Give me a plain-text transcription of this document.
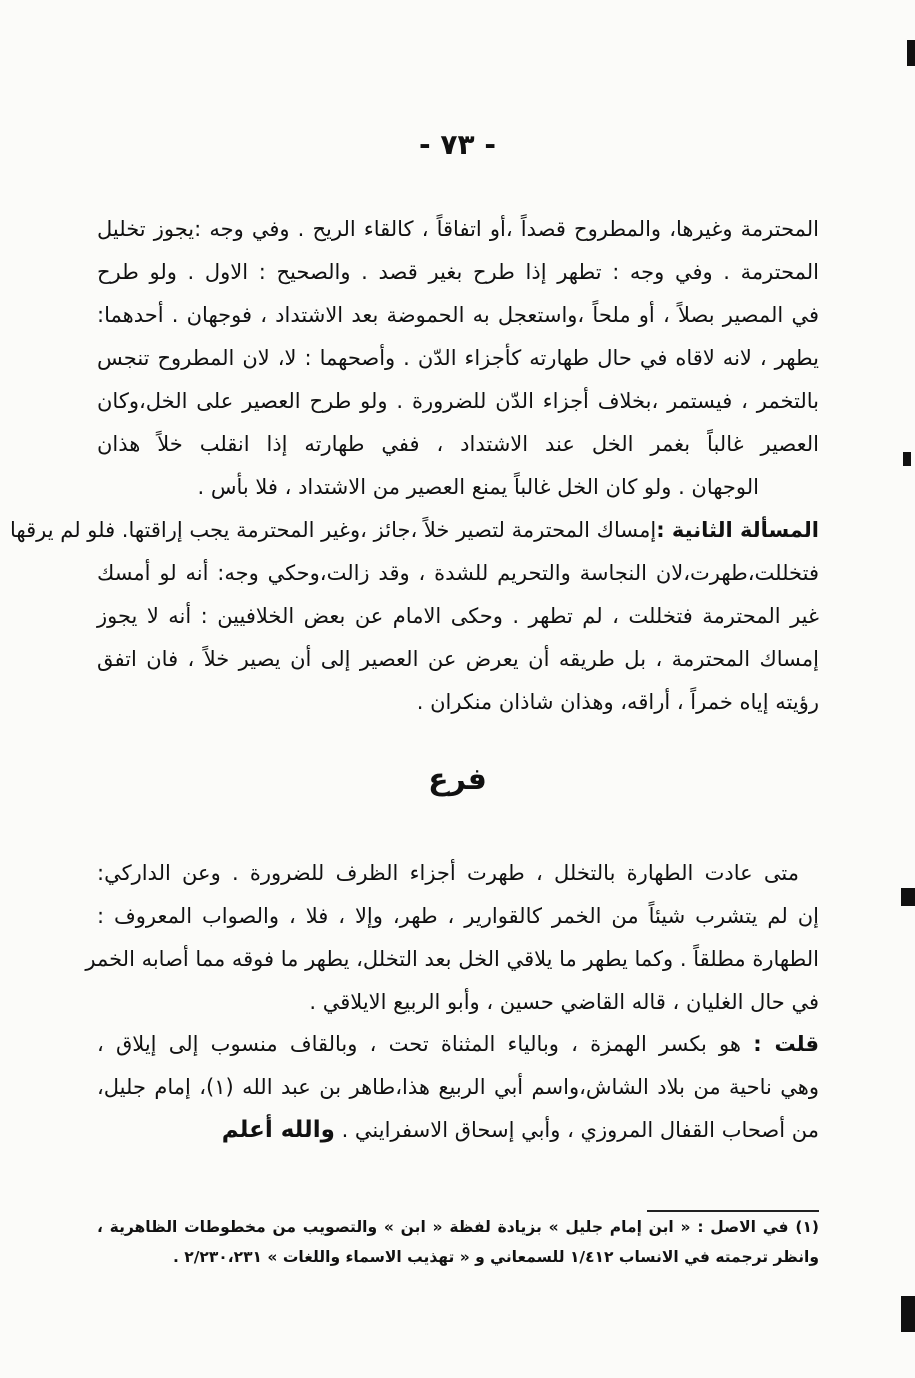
- ٧٣ -
المحترمة وغيرها، والمطروح قصداً ،أو اتفاقاً ، كالقاء الريح . وفي وجه :يجوز تخليل
المحترمة . وفي وجه : تطهر إذا طرح بغير قصد . والصحيح : الاول . ولو طرح
في المصير بصلاً ، أو ملحاً ،واستعجل به الحموضة بعد الاشتداد ، فوجهان . أحدهما:
يطهر ، لانه لاقاه في حال طهارته كأجزاء الدّن . وأصحهما : لا، لان المطروح تنجس
بالتخمر ، فيستمر ،بخلاف أجزاء الدّن للضرورة . ولو طرح العصير على الخل،وكان
العصير غالباً بغمر الخل عند الاشتداد ، ففي طهارته إذا انقلب خلاً هذان
الوجهان . ولو كان الخل غالباً يمنع العصير من الاشتداد ، فلا بأس .
المسألة الثانية :إمساك المحترمة لتصير خلاً ،جائز ،وغير المحترمة يجب إراقتها. فلو لم يرقها
فتخللت،طهرت،لان النجاسة والتحريم للشدة ، وقد زالت،وحكي وجه: أنه لو أمسك
غير المحترمة فتخللت ، لم تطهر . وحكى الامام عن بعض الخلافيين : أنه لا يجوز
إمساك المحترمة ، بل طريقه أن يعرض عن العصير إلى أن يصير خلاً ، فان اتفق
رؤيته إياه خمراً ، أراقه، وهذان شاذان منكران .
فرع
متى عادت الطهارة بالتخلل ، طهرت أجزاء الظرف للضرورة . وعن الداركي:
إن لم يتشرب شيئاً من الخمر كالقوارير ، طهر، وإلا ، فلا ، والصواب المعروف :
الطهارة مطلقاً . وكما يطهر ما يلاقي الخل بعد التخلل، يطهر ما فوقه مما أصابه الخمر
في حال الغليان ، قاله القاضي حسين ، وأبو الربيع الايلاقي .
قلت : هو بكسر الهمزة ، وبالياء المثناة تحت ، وبالقاف منسوب إلى إيلاق ،
وهي ناحية من بلاد الشاش،واسم أبي الربيع هذا،طاهر بن عبد الله (١)، إمام جليل،
من أصحاب القفال المروزي ، وأبي إسحاق الاسفرايني . والله أعلم
(١) في الاصل : « ابن إمام جليل » بزيادة لفظة « ابن » والتصويب من مخطوطات الظاهرية ،
وانظر ترجمته في الانساب ١/٤١٢ للسمعاني و « تهذيب الاسماء واللغات » ٢/٢٣٠،٢٣١ .
